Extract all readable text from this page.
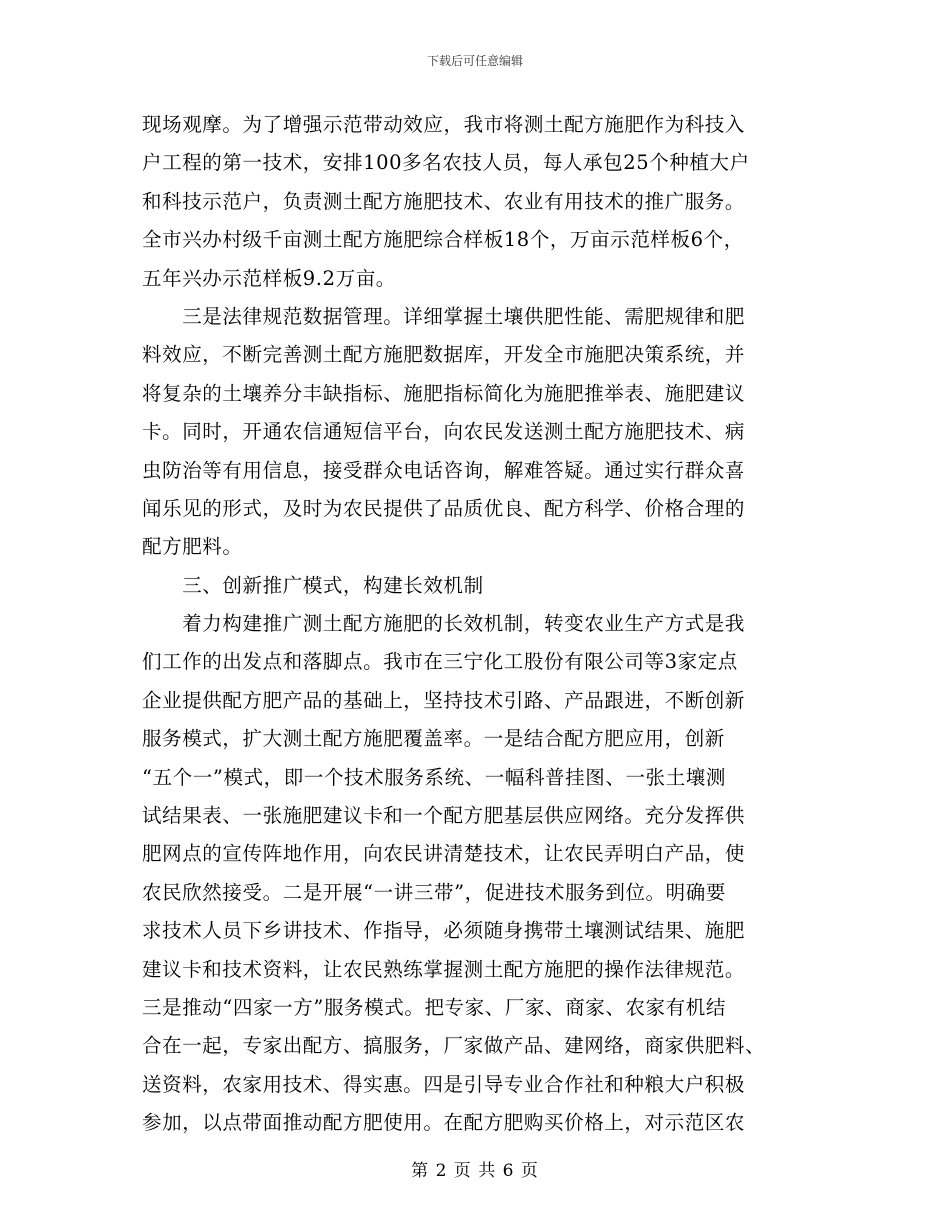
下载后可任意编辑
现场观摩。为了增强示范带动效应，我市将测土配方施肥作为科技入
户工程的第一技术，安排100多名农技人员，每人承包25个种植大户
和科技示范户，负责测土配方施肥技术、农业有用技术的推广服务。
全市兴办村级千亩测土配方施肥综合样板18个，万亩示范样板6个，
五年兴办示范样板9.2万亩。
　　三是法律规范数据管理。详细掌握土壤供肥性能、需肥规律和肥
料效应，不断完善测土配方施肥数据库，开发全市施肥决策系统，并
将复杂的土壤养分丰缺指标、施肥指标简化为施肥推举表、施肥建议
卡。同时，开通农信通短信平台，向农民发送测土配方施肥技术、病
虫防治等有用信息，接受群众电话咨询，解难答疑。通过实行群众喜
闻乐见的形式，及时为农民提供了品质优良、配方科学、价格合理的
配方肥料。
　　三、创新推广模式，构建长效机制
　　着力构建推广测土配方施肥的长效机制，转变农业生产方式是我
们工作的出发点和落脚点。我市在三宁化工股份有限公司等3家定点
企业提供配方肥产品的基础上，坚持技术引路、产品跟进，不断创新
服务模式，扩大测土配方施肥覆盖率。一是结合配方肥应用，创新
“五个一”模式，即一个技术服务系统、一幅科普挂图、一张土壤测
试结果表、一张施肥建议卡和一个配方肥基层供应网络。充分发挥供
肥网点的宣传阵地作用，向农民讲清楚技术，让农民弄明白产品，使
农民欣然接受。二是开展“一讲三带”，促进技术服务到位。明确要
求技术人员下乡讲技术、作指导，必须随身携带土壤测试结果、施肥
建议卡和技术资料，让农民熟练掌握测土配方施肥的操作法律规范。
三是推动“四家一方”服务模式。把专家、厂家、商家、农家有机结
合在一起，专家出配方、搞服务，厂家做产品、建网络，商家供肥料、
送资料，农家用技术、得实惠。四是引导专业合作社和种粮大户积极
参加，以点带面推动配方肥使用。在配方肥购买价格上，对示范区农
第 2 页 共 6 页
